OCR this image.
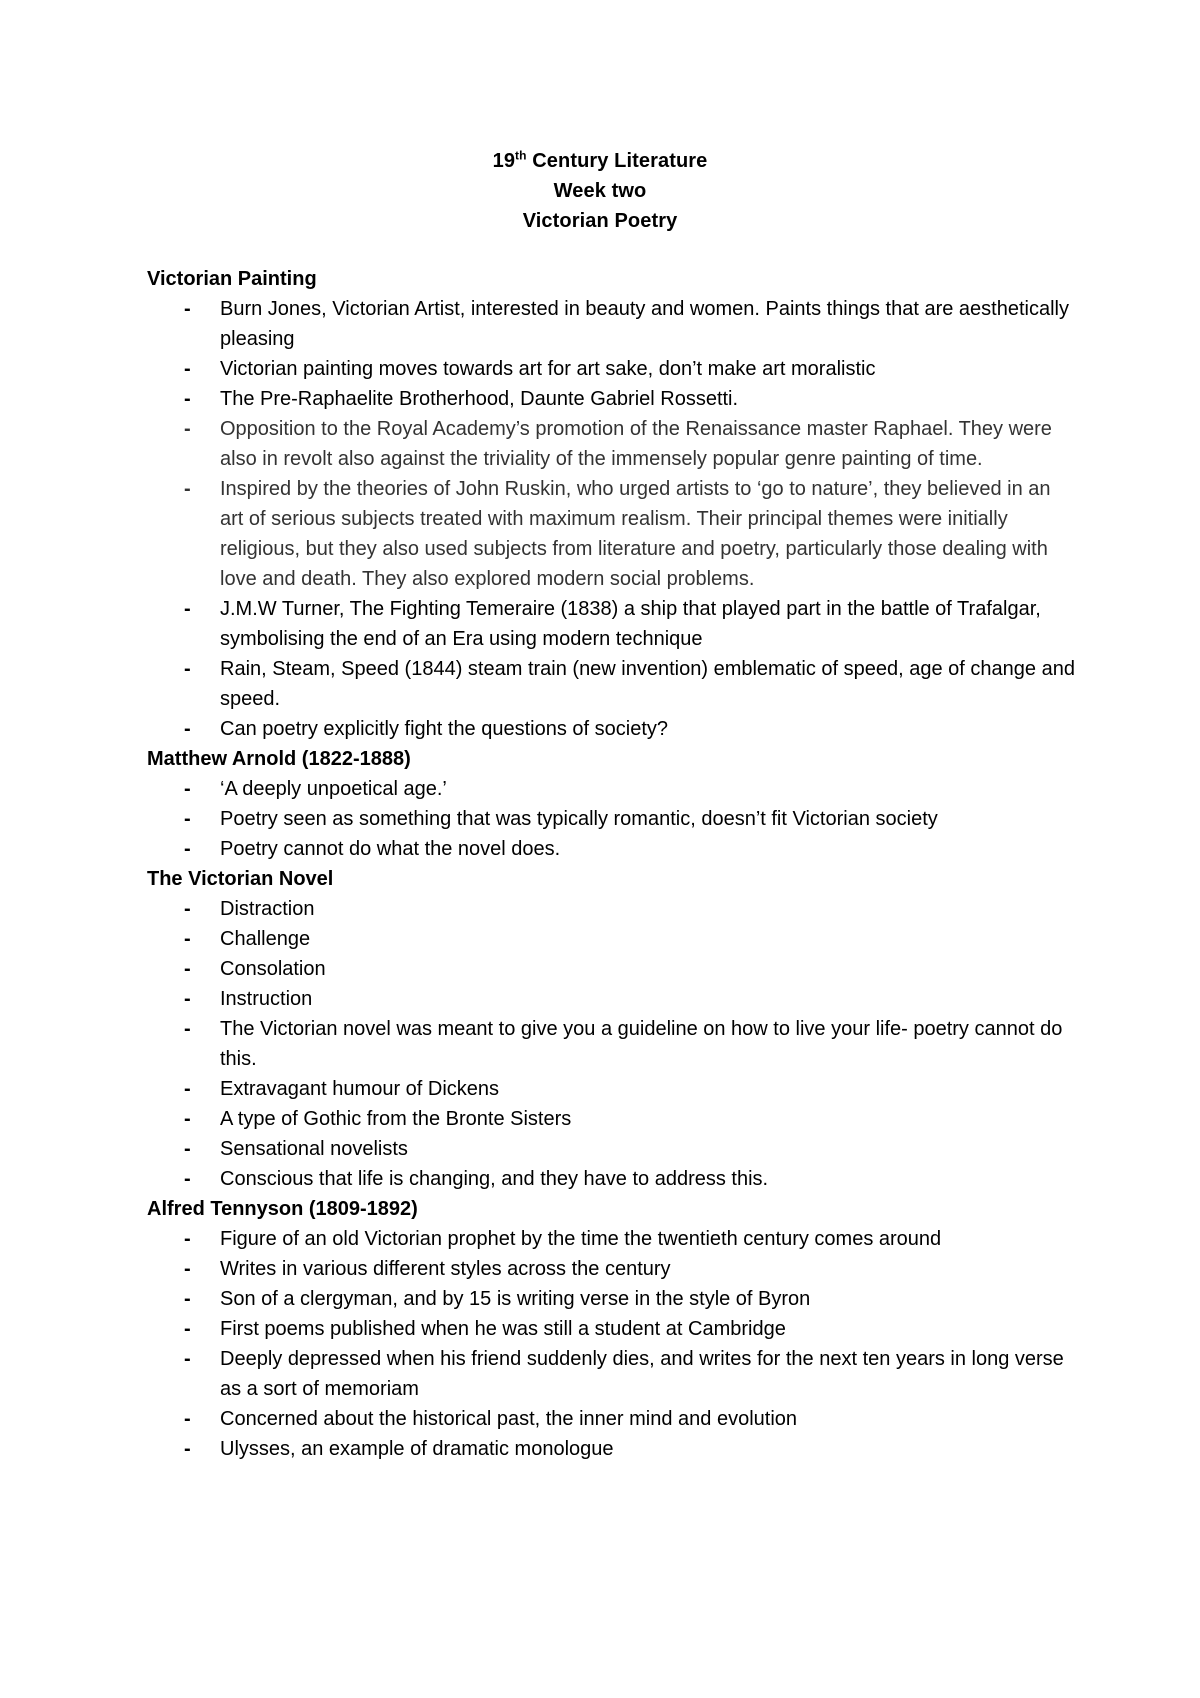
19th Century Literature

Week two

Victorian Poetry

Victorian Painting

- Burn Jones, Victorian Artist, interested in beauty and women. Paints things that are aesthetically pleasing
- Victorian painting moves towards art for art sake, don’t make art moralistic
- The Pre-Raphaelite Brotherhood, Daunte Gabriel Rossetti.
- Opposition to the Royal Academy’s promotion of the Renaissance master Raphael. They were also in revolt also against the triviality of the immensely popular genre painting of time.
- Inspired by the theories of John Ruskin, who urged artists to ‘go to nature’, they believed in an art of serious subjects treated with maximum realism. Their principal themes were initially religious, but they also used subjects from literature and poetry, particularly those dealing with love and death. They also explored modern social problems.
- J.M.W Turner, The Fighting Temeraire (1838) a ship that played part in the battle of Trafalgar, symbolising the end of an Era using modern technique
- Rain, Steam, Speed (1844) steam train (new invention) emblematic of speed, age of change and speed.
- Can poetry explicitly fight the questions of society?

Matthew Arnold (1822-1888)

- ‘A deeply unpoetical age.’
- Poetry seen as something that was typically romantic, doesn’t fit Victorian society
- Poetry cannot do what the novel does.

The Victorian Novel

- Distraction
- Challenge
- Consolation
- Instruction
- The Victorian novel was meant to give you a guideline on how to live your life- poetry cannot do this.
- Extravagant humour of Dickens
- A type of Gothic from the Bronte Sisters
- Sensational novelists
- Conscious that life is changing, and they have to address this.

Alfred Tennyson (1809-1892)

- Figure of an old Victorian prophet by the time the twentieth century comes around
- Writes in various different styles across the century
- Son of a clergyman, and by 15 is writing verse in the style of Byron
- First poems published when he was still a student at Cambridge
- Deeply depressed when his friend suddenly dies, and writes for the next ten years in long verse as a sort of memoriam
- Concerned about the historical past, the inner mind and evolution
- Ulysses, an example of dramatic monologue
